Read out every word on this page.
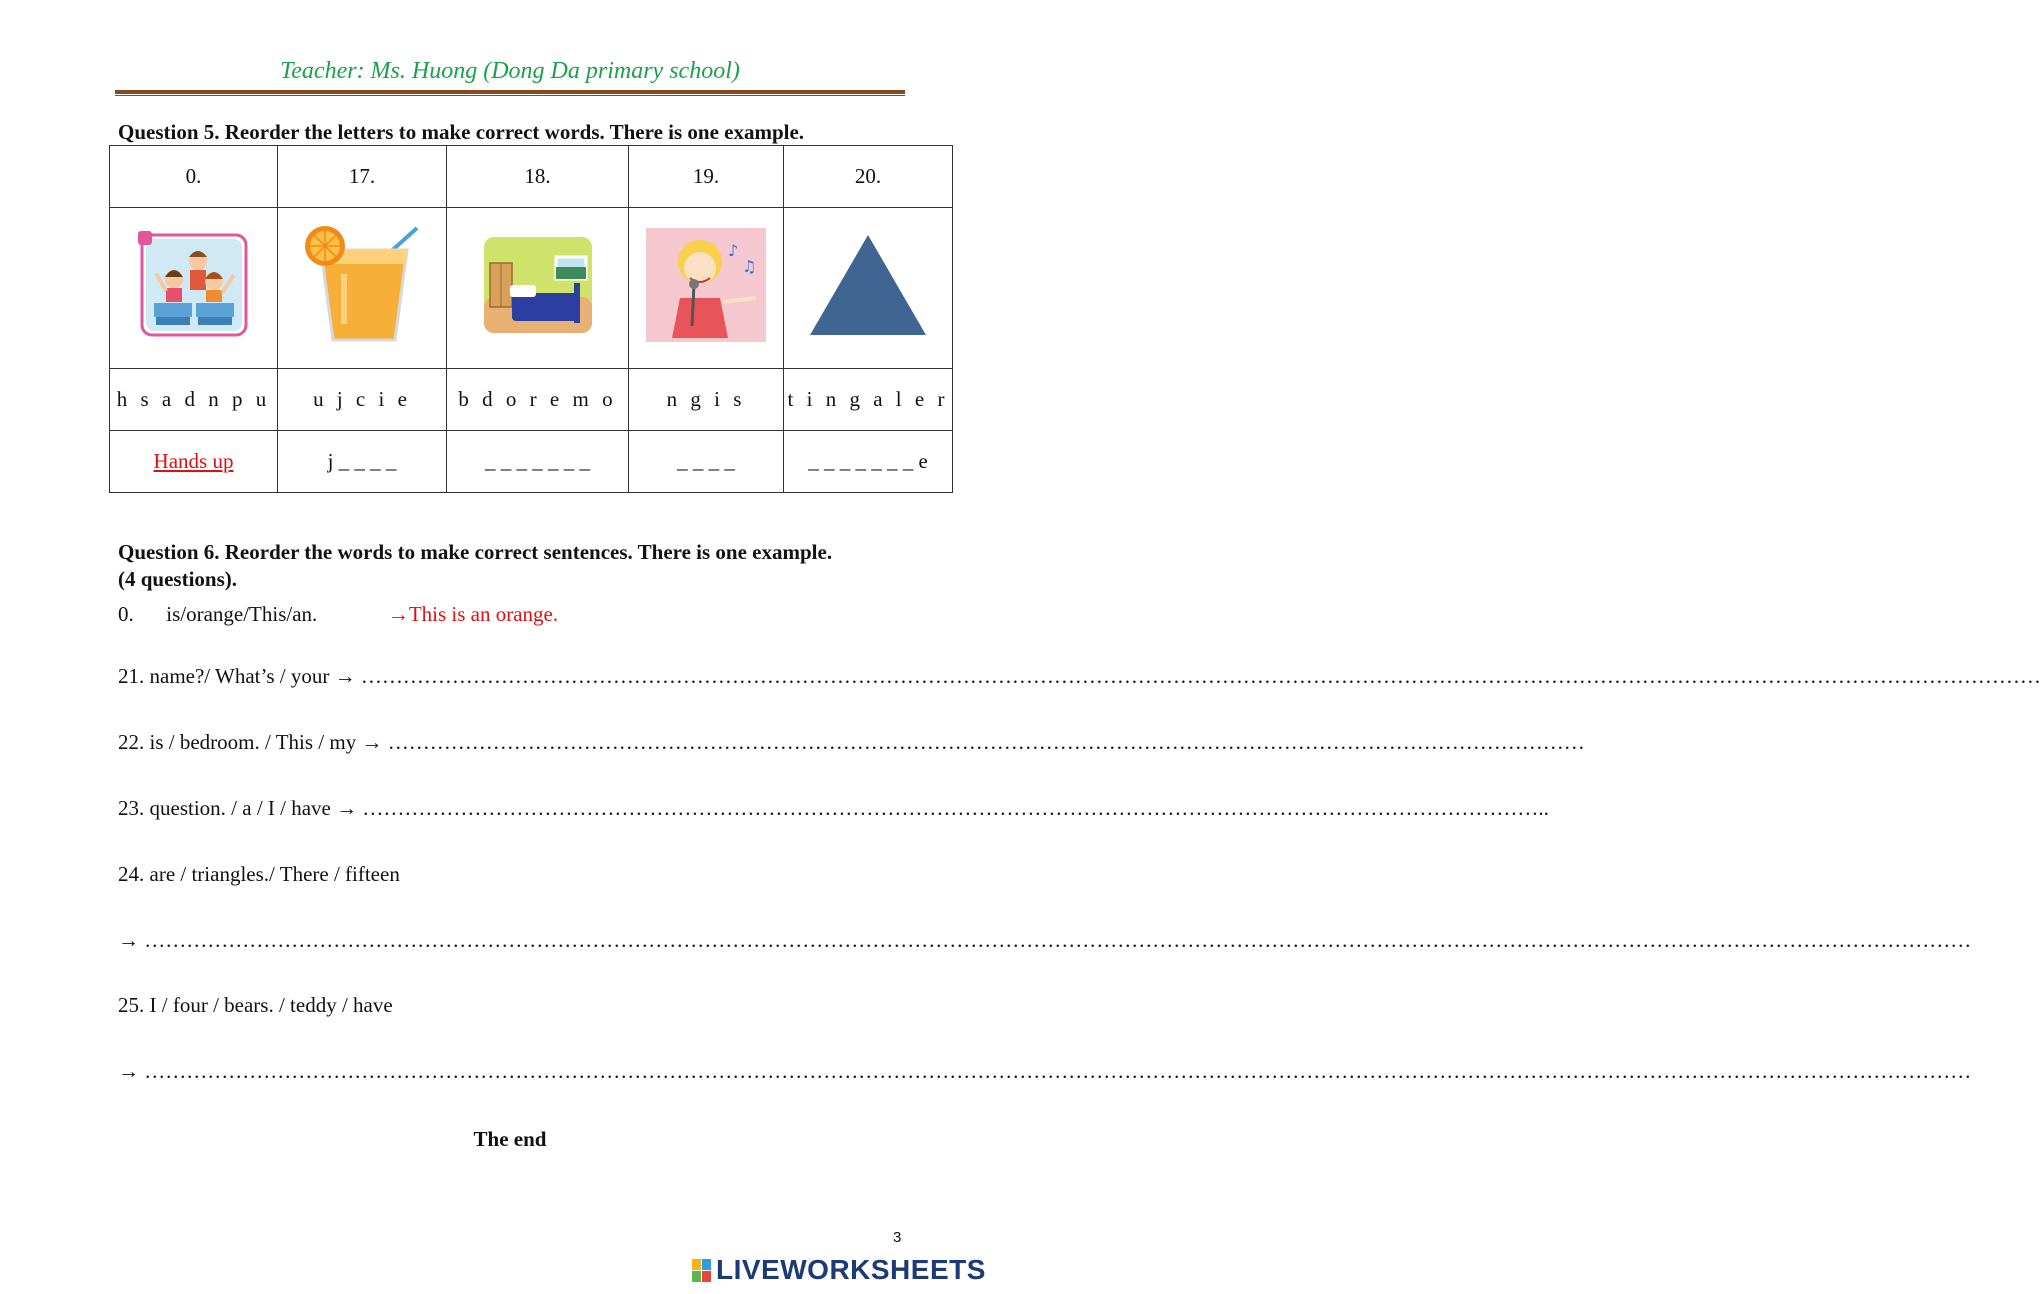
Teacher: Ms. Huong (Dong Da primary school)
Question 5. Reorder the letters to make correct words. There is one example.
0.	17.	18.	19.	20.

♪
♫

h s a d n p u	u j c i e	b d o r e m o	n g i s	t i n g a l e r
Hands up	j _ _ _ _	_ _ _ _ _ _ _	_ _ _ _	_ _ _ _ _ _ _ e
Question 6. Reorder the words to make correct sentences. There is one example.
(4 questions).
0. is/orange/This/an.	→This is an orange.
21. name?/ What’s / your → ……………………………………………………………………………………………………………………………………………………………………………………………………………………
22. is / bedroom. / This / my → ………………………………………………………………………………………………………………………………………………………
23. question. / a / I / have → ……………………………………………………………………………………………………………………………………………………..
24. are / triangles./ There / fifteen
→ ………………………………………………………………………………………………………………………………………………………………………………………………………………………………………
25. I / four / bears. / teddy / have
→ ………………………………………………………………………………………………………………………………………………………………………………………………………………………………………
The end
3
LIVEWORKSHEETS
